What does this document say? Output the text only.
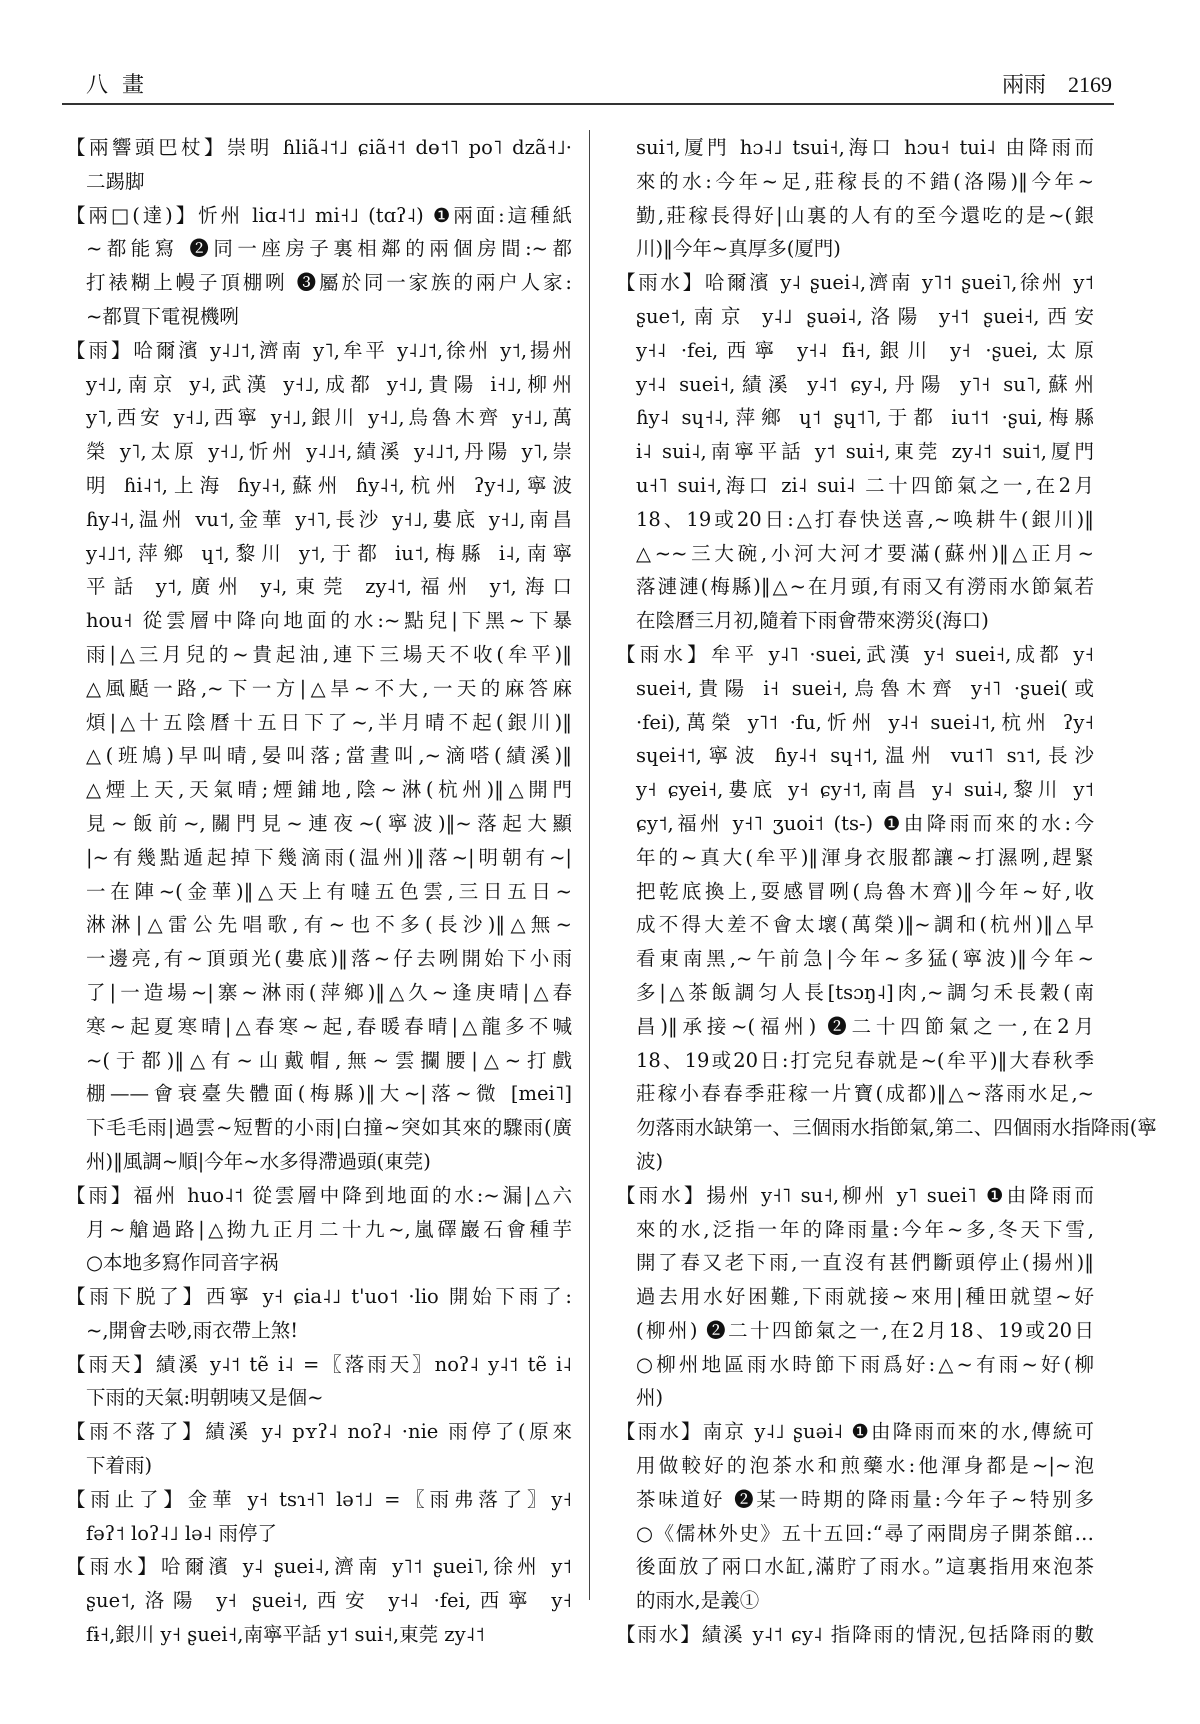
八畫	兩雨 2169
【兩響頭巴杖】崇明 ɦliã˨˦˩ ɕiã˧˦ dɵ˦˥ po˥ dzã˧˩·
二踢脚
【兩□(達)】忻州 liɑ˨˦˩ mi˧˩ (tɑʔ˨) ❶兩面:這種紙
~都能寫 ❷同一座房子裏相鄰的兩個房間:~都
打裱糊上幔子頂棚咧 ❸屬於同一家族的兩户人家:
~都買下電視機咧
【雨】哈爾濱 y˨˩˦,濟南 y˥,牟平 y˨˩˦,徐州 y˦,揚州
y˧˩,南京 y˨,武漢 y˧˩,成都 y˧˩,貴陽 i˧˩,柳州
y˥,西安 y˧˩,西寧 y˧˩,銀川 y˧˩,烏魯木齊 y˧˩,萬
榮 y˥,太原 y˧˩,忻州 y˨˩˧,績溪 y˨˩˦,丹陽 y˥,崇
明 ɦi˨˦,上海 ɦy˨˧,蘇州 ɦy˨˧,杭州 ʔy˧˩,寧波
ɦy˨˧,温州 vu˦,金華 y˧˥,長沙 y˧˩,婁底 y˧˩,南昌
y˨˩˦,萍鄉 ɥ˦,黎川 y˦,于都 iu˦,梅縣 i˨,南寧
平話 y˦,廣州 y˨,東莞 zy˨˦,福州 y˦,海口
hou˧ 從雲層中降向地面的水:~點兒|下黑~下暴
雨|△三月兒的~貴起油,連下三場天不收(牟平)‖
△風颳一路,~下一方|△旱~不大,一天的麻答麻
煩|△十五陰曆十五日下了~,半月晴不起(銀川)‖
△(班鳩)早叫晴,晏叫落;當晝叫,~滴嗒(績溪)‖
△煙上天,天氣晴;煙鋪地,陰~淋(杭州)‖△開門
見~飯前~,關門見~連夜~(寧波)‖~落起大顯
|~有幾點遁起掉下幾滴雨(温州)‖落~|明朝有~|
一在陣~(金華)‖△天上有噠五色雲,三日五日~
淋淋|△雷公先唱歌,有~也不多(長沙)‖△無~
一邊亮,有~頂頭光(婁底)‖落~仔去咧開始下小雨
了|一造場~|寨~淋雨(萍鄉)‖△久~逢庚晴|△春
寒~起夏寒晴|△春寒~起,春暖春晴|△龍多不喊
~(于都)‖△有~山戴帽,無~雲攔腰|△~打戲
棚——會衰臺失體面(梅縣)‖大~|落~微 [mei˥]
下毛毛雨|過雲~短暫的小雨|白撞~突如其來的驟雨(廣
州)‖風調~順|今年~水多得滯過頭(東莞)
【雨】福州 huo˨˦ 從雲層中降到地面的水:~漏|△六
月~艙過路|△拗九正月二十九~,嵐礋巖石會種芋
○本地多寫作同音字祸
【雨下脱了】西寧 y˧ ɕia˨˩ t'uo˦ ·lio 開始下雨了:
~,開會去唦,雨衣帶上煞!
【雨天】績溪 y˨˦ tẽ i˨ =〖落雨天〗noʔ˨ y˨˦ tẽ i˨
下雨的天氣:明朝咦又是個~
【雨不落了】績溪 y˨ pʏʔ˨ noʔ˨ ·nie 雨停了(原來
下着雨)
【雨止了】金華 y˧ tsɿ˧˥ lə˦˩ =〖雨弗落了〗y˧
fəʔ˦ loʔ˨˩ lə˨ 雨停了
【雨水】哈爾濱 y˨ ʂuei˨,濟南 y˥˦ ʂuei˥,徐州 y˦
ʂue˦,洛陽 y˧ ʂuei˧,西安 y˧˨ ·fei,西寧 y˧
fɨ˧,銀川 y˧ ʂuei˧,南寧平話 y˦ sui˧,東莞 zy˨˦
sui˦,厦門 hɔ˨˩ tsui˧,海口 hɔu˧ tui˨ 由降雨而
來的水:今年~足,莊稼長的不錯(洛陽)‖今年~
勤,莊稼長得好|山裏的人有的至今還吃的是~(銀
川)‖今年~真厚多(厦門)
【雨水】哈爾濱 y˨ ʂuei˨,濟南 y˥˦ ʂuei˥,徐州 y˦
ʂue˦,南京 y˨˩ ʂuəi˨,洛陽 y˧˦ ʂuei˧,西安
y˧˨ ·fei,西寧 y˧˨ fɨ˧,銀川 y˧ ·ʂuei,太原
y˧˨ suei˧,績溪 y˨˦ ɕy˨,丹陽 y˥˧ su˥,蘇州
ɦy˨ sɥ˧˨,萍鄉 ɥ˦ ʂɥ˦˥,于都 iu˦˦ ·ʂui,梅縣
i˨ sui˨,南寧平話 y˦ sui˧,東莞 zy˨˦ sui˦,厦門
u˧˥ sui˧,海口 zi˨ sui˨ 二十四節氣之一,在2月
18、19或20日:△打春快送喜,~唤耕牛(銀川)‖
△~~三大碗,小河大河才要滿(蘇州)‖△正月~
落漣漣(梅縣)‖△~在月頭,有雨又有澇雨水節氣若
在陰曆三月初,隨着下雨會帶來澇災(海口)
【雨水】牟平 y˨˥ ·suei,武漢 y˧ suei˧,成都 y˧
suei˧,貴陽 i˧ suei˧,烏魯木齊 y˧˥ ·ʂuei(或
·fei),萬榮 y˥˦ ·fu,忻州 y˨˧ suei˨˦,杭州 ʔy˧
sɥei˧˦,寧波 ɦy˨˧ sɥ˧˦,温州 vu˦˥ sɿ˦,長沙
y˧ ɕyei˧,婁底 y˧ ɕy˧˦,南昌 y˨ sui˨,黎川 y˦
ɕy˦,福州 y˧˥ ʒuoi˦ (ts-) ❶由降雨而來的水:今
年的~真大(牟平)‖渾身衣服都讓~打濕咧,趕緊
把乾底換上,耍感冒咧(烏魯木齊)‖今年~好,收
成不得大差不會太壞(萬榮)‖~調和(杭州)‖△早
看東南黑,~午前急|今年~多猛(寧波)‖今年~
多|△茶飯調匀人長[tsɔŋ˨]肉,~調匀禾長穀(南
昌)‖承接~(福州) ❷二十四節氣之一,在2月
18、19或20日:打完兒春就是~(牟平)‖大春秋季
莊稼小春春季莊稼一片寶(成都)‖△~落雨水足,~
勿落雨水缺第一、三個雨水指節氣,第二、四個雨水指降雨(寧
波)
【雨水】揚州 y˧˥ su˧,柳州 y˥ suei˥ ❶由降雨而
來的水,泛指一年的降雨量:今年~多,冬天下雪,
開了春又老下雨,一直沒有甚們斷頭停止(揚州)‖
過去用水好困難,下雨就接~來用|種田就望~好
(柳州) ❷二十四節氣之一,在2月18、19或20日
○柳州地區雨水時節下雨爲好:△~有雨~好(柳
州)
【雨水】南京 y˨˩ ʂuəi˨ ❶由降雨而來的水,傳統可
用做較好的泡茶水和煎藥水:他渾身都是~|~泡
茶味道好 ❷某一時期的降雨量:今年子~特别多
○《儒林外史》五十五回:“尋了兩間房子開茶館…
後面放了兩口水缸,滿貯了雨水。”這裏指用來泡茶
的雨水,是義①
【雨水】績溪 y˨˦ ɕy˨ 指降雨的情況,包括降雨的數
